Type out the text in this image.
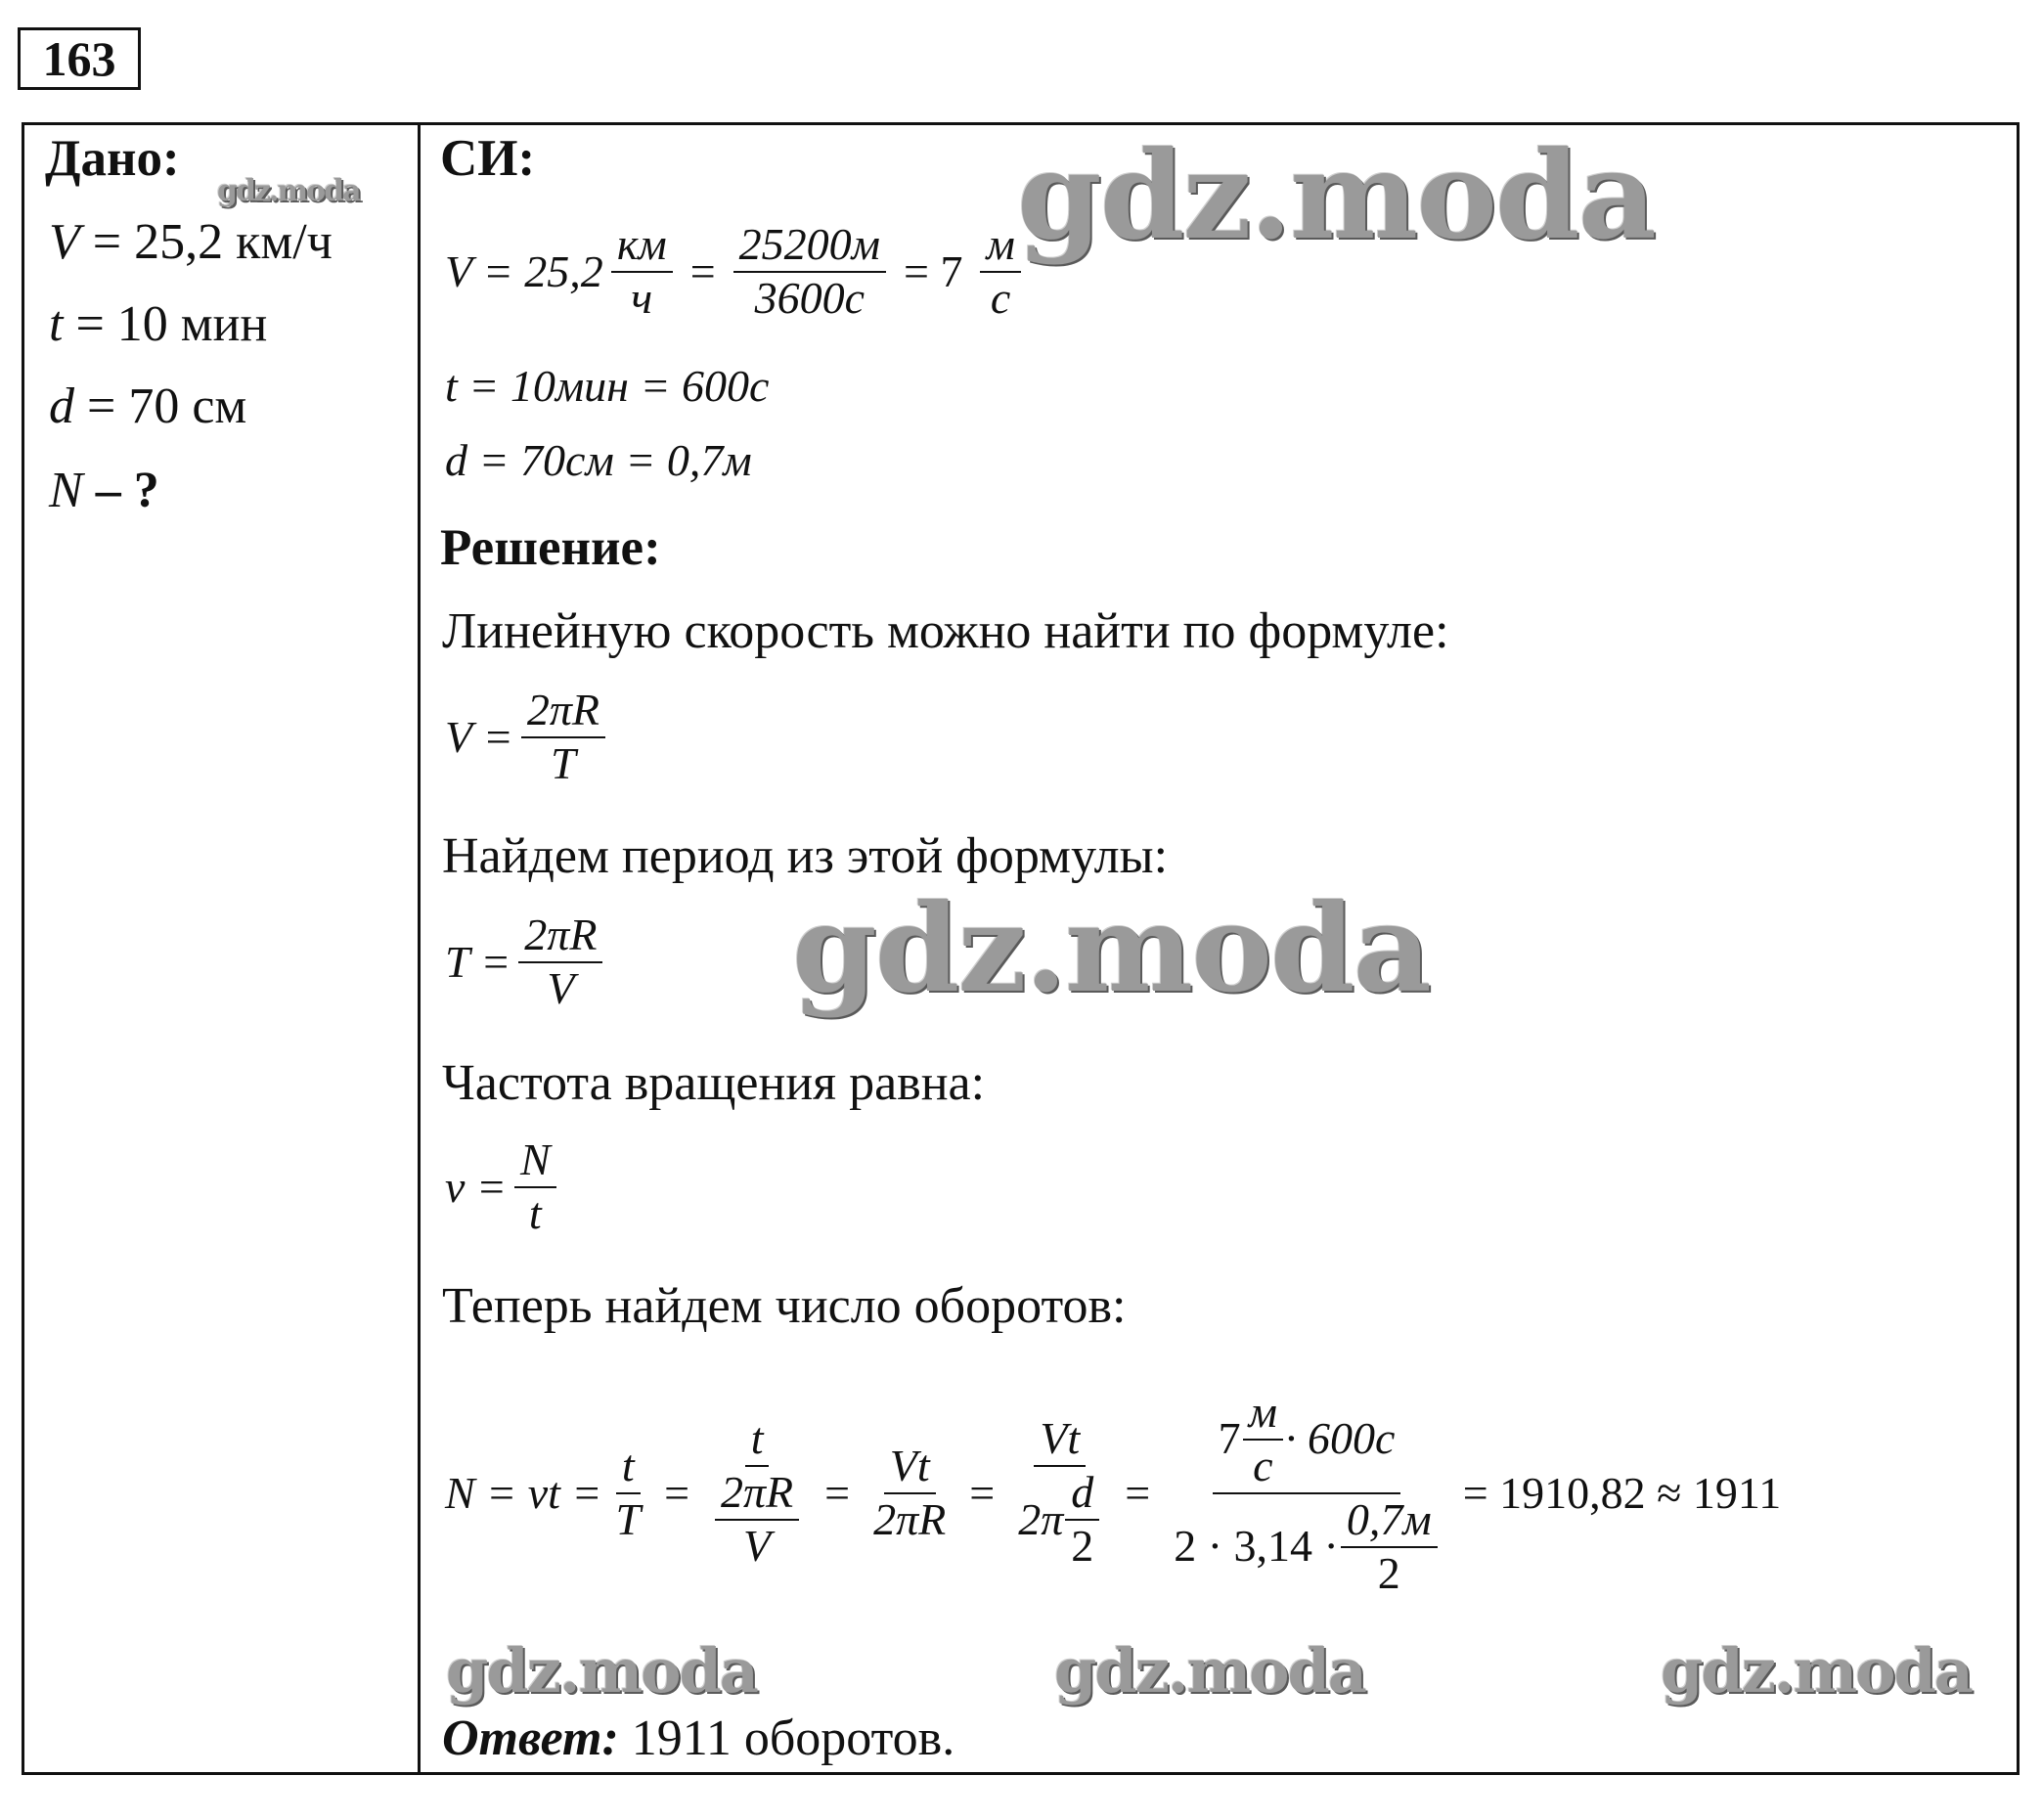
163
Дано:
V = 25,2 км/ч
t = 10 мин
d = 70 см
N – ?
СИ:
$V = 25,2 \frac{км}{ч} = \frac{25200м}{3600с} = 7 \frac{м}{с}$
t = 10мин = 600с
d = 70см = 0,7м
Решение:
Линейную скорость можно найти по формуле:
$V = \frac{2\pi R}{T}$
Найдем период из этой формулы:
$T = \frac{2\pi R}{V}$
Частота вращения равна:
$\nu = \frac{N}{t}$
Теперь найдем число оборотов:
$N = \nu t = \frac{t}{T} = \frac{t}{\frac{2\pi R}{V}} = \frac{Vt}{2\pi R} = \frac{Vt}{2\pi \frac{d}{2}} = \frac{7 \frac{м}{с} \cdot 600с}{2 \cdot 3,14 \cdot \frac{0,7м}{2}} = 1910,82 \approx 1911$
Ответ: 1911 оборотов.
gdz.moda	gdz.moda
gdz.moda
gdz.moda	gdz.moda	gdz.moda
